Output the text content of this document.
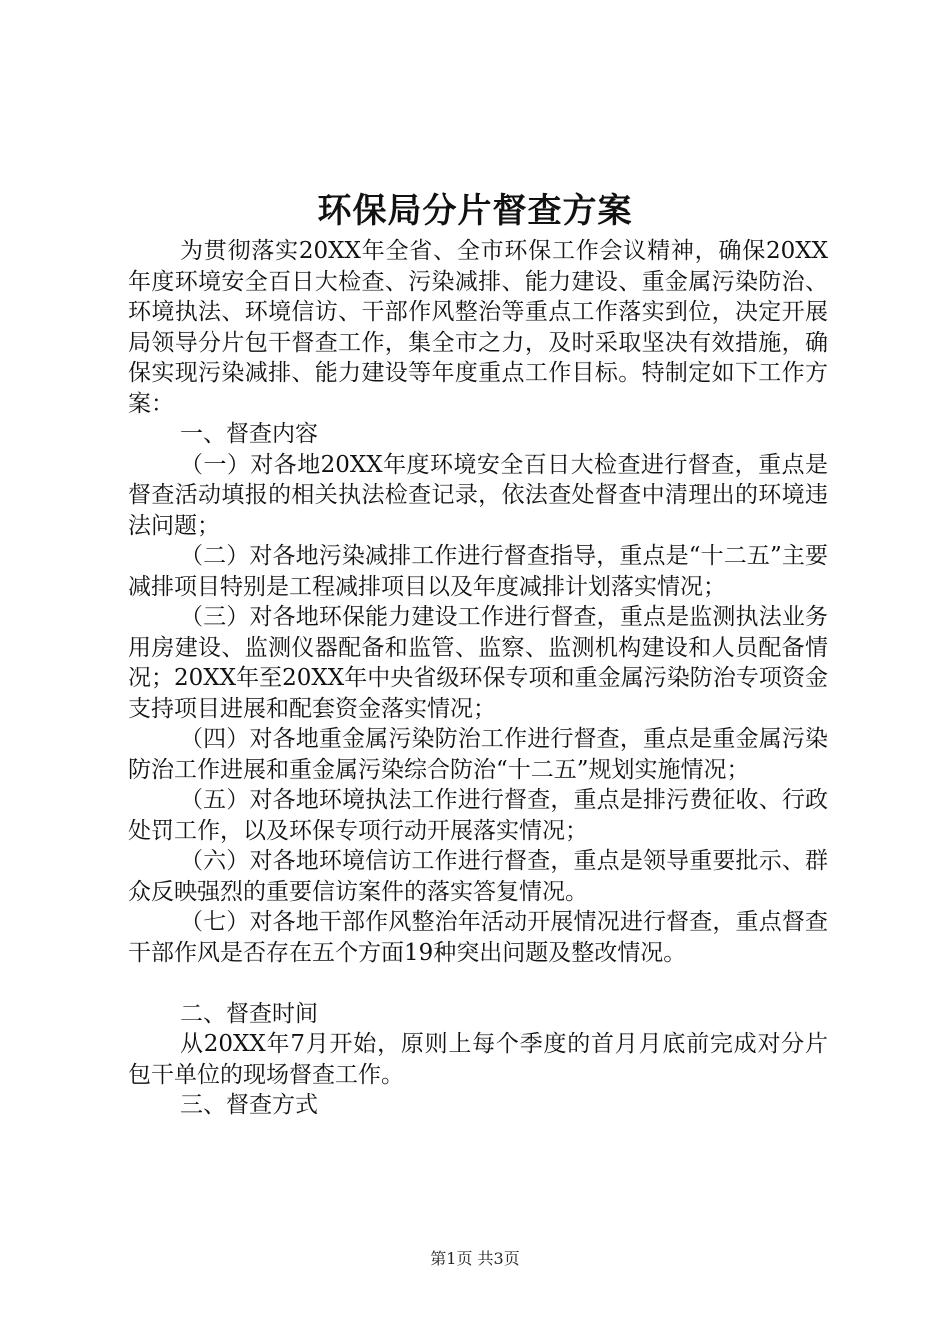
环保局分片督查方案

为贯彻落实20XX年全省、全市环保工作会议精神，确保20XX年度环境安全百日大检查、污染减排、能力建设、重金属污染防治、环境执法、环境信访、干部作风整治等重点工作落实到位，决定开展局领导分片包干督查工作，集全市之力，及时采取坚决有效措施，确保实现污染减排、能力建设等年度重点工作目标。特制定如下工作方案：

一、督查内容

（一）对各地20XX年度环境安全百日大检查进行督查，重点是督查活动填报的相关执法检查记录，依法查处督查中清理出的环境违法问题；

（二）对各地污染减排工作进行督查指导，重点是“十二五”主要减排项目特别是工程减排项目以及年度减排计划落实情况；

（三）对各地环保能力建设工作进行督查，重点是监测执法业务用房建设、监测仪器配备和监管、监察、监测机构建设和人员配备情况；20XX年至20XX年中央省级环保专项和重金属污染防治专项资金支持项目进展和配套资金落实情况；

（四）对各地重金属污染防治工作进行督查，重点是重金属污染防治工作进展和重金属污染综合防治“十二五”规划实施情况；

（五）对各地环境执法工作进行督查，重点是排污费征收、行政处罚工作，以及环保专项行动开展落实情况；

（六）对各地环境信访工作进行督查，重点是领导重要批示、群众反映强烈的重要信访案件的落实答复情况。

（七）对各地干部作风整治年活动开展情况进行督查，重点督查干部作风是否存在五个方面19种突出问题及整改情况。

二、督查时间

从20XX年7月开始，原则上每个季度的首月月底前完成对分片包干单位的现场督查工作。

三、督查方式

第1页 共3页
